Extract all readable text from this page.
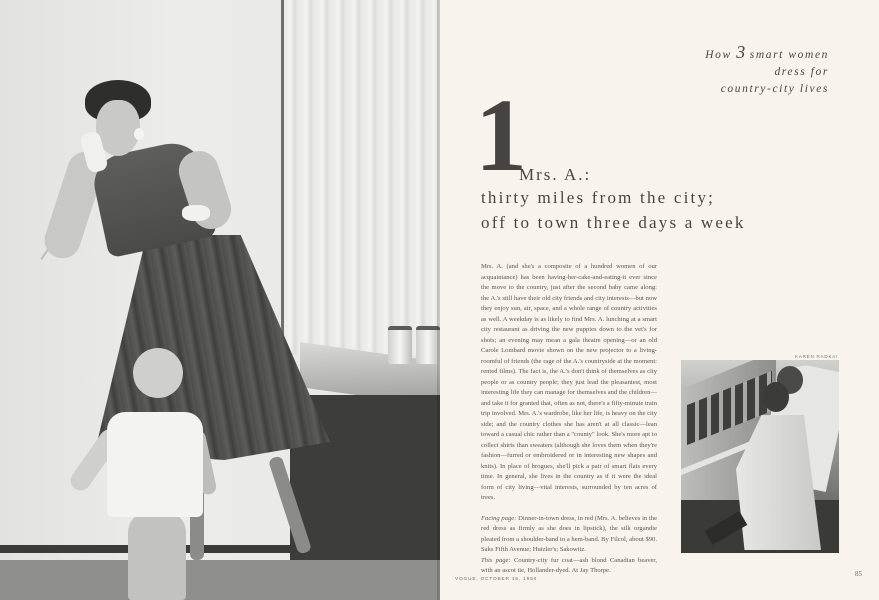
How 3 smart women
dress for
country-city lives
1
Mrs. A.:
thirty miles from the city;
off to town three days a week

Mrs. A. (and she's a composite of a hundred women of our acquaintance) has been having-her-cake-and-eating-it ever since the move to the country, just after the second baby came along: the A.'s still have their old city friends and city interests—but now they enjoy sun, air, space, and a whole range of country activities as well. A weekday is as likely to find Mrs. A. lunching at a smart city restaurant as driving the new puppies down to the vet's for shots; an evening may mean a gala theatre opening—or an old Carole Lombard movie shown on the new projector to a living-roomful of friends (the rage of the A.'s countryside at the moment: rented films). The fact is, the A.'s don't think of themselves as city people or as country people; they just lead the pleasantest, most interesting life they can manage for themselves and the children—and take it for granted that, often as not, there's a fifty-minute train trip involved. Mrs. A.'s wardrobe, like her life, is heavy on the city side; and the country clothes she has aren't at all classic—lean toward a casual chic rather than a "county" look. She's more apt to collect shirts than sweaters (although she loves them when they're fashion—furred or embroidered or in interesting new shapes and knits). In place of brogues, she'll pick a pair of smart flats every time. In general, she lives in the country as if it were the ideal form of city living—vital interests, surrounded by ten acres of trees.

Facing page: Dinner-in-town dress, in red (Mrs. A. believes in the red dress as firmly as she does in lipstick), the silk organdie pleated from a shoulder-band to a hem-band. By Filcol, about $90. Saks Fifth Avenue; Hutzler's; Sakowitz.
This page: Country-city fur coat—ash blond Canadian beaver, with an ascot tie, Hollander-dyed. At Jay Thorpe.

KAREN RADKAI
VOGUE, OCTOBER 15, 1954
85
